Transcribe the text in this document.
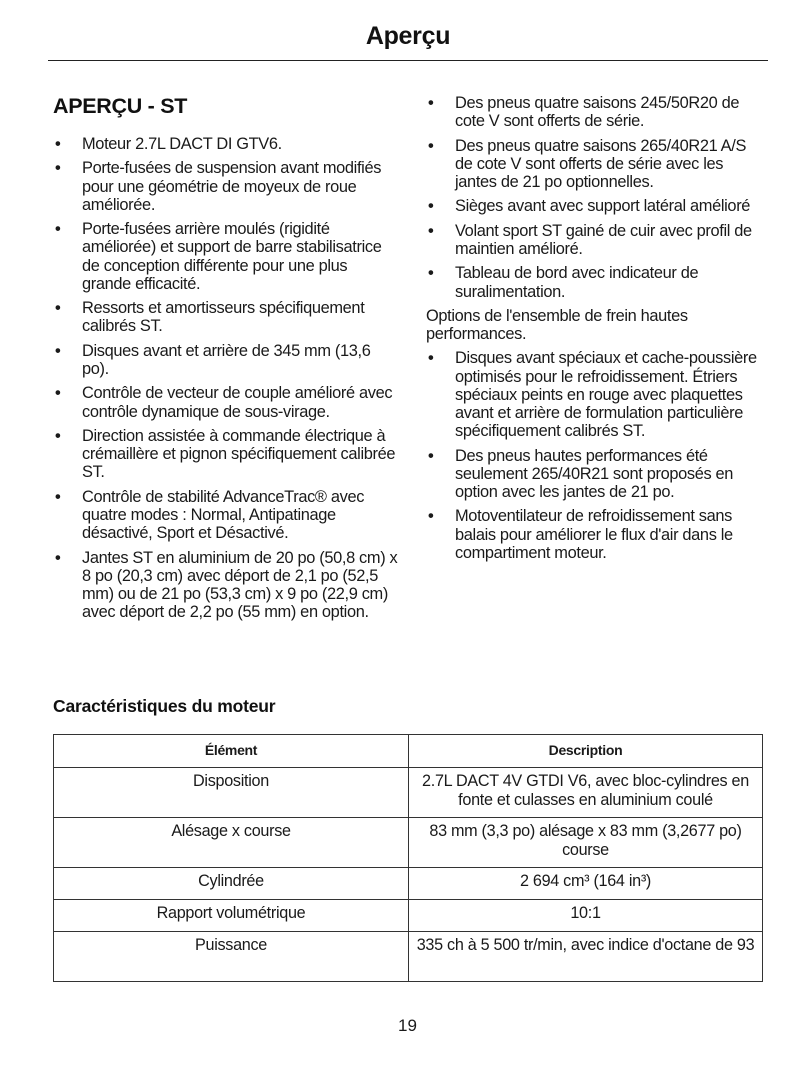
Aperçu
APERÇU - ST
• Moteur 2.7L DACT DI GTV6.
• Porte-fusées de suspension avant modifiés pour une géométrie de moyeux de roue améliorée.
• Porte-fusées arrière moulés (rigidité améliorée) et support de barre stabilisatrice de conception différente pour une plus grande efficacité.
• Ressorts et amortisseurs spécifiquement calibrés ST.
• Disques avant et arrière de 345 mm (13,6 po).
• Contrôle de vecteur de couple amélioré avec contrôle dynamique de sous-virage.
• Direction assistée à commande électrique à crémaillère et pignon spécifiquement calibrée ST.
• Contrôle de stabilité AdvanceTrac® avec quatre modes : Normal, Antipatinage désactivé, Sport et Désactivé.
• Jantes ST en aluminium de 20 po (50,8 cm) x 8 po (20,3 cm) avec déport de 2,1 po (52,5 mm) ou de 21 po (53,3 cm) x 9 po (22,9 cm) avec déport de 2,2 po (55 mm) en option.
• Des pneus quatre saisons 245/50R20 de cote V sont offerts de série.
• Des pneus quatre saisons 265/40R21 A/S de cote V sont offerts de série avec les jantes de 21 po optionnelles.
• Sièges avant avec support latéral amélioré
• Volant sport ST gainé de cuir avec profil de maintien amélioré.
• Tableau de bord avec indicateur de suralimentation.

Options de l'ensemble de frein hautes performances.

• Disques avant spéciaux et cache-poussière optimisés pour le refroidissement. Étriers spéciaux peints en rouge avec plaquettes avant et arrière de formulation particulière spécifiquement calibrés ST.
• Des pneus hautes performances été seulement 265/40R21 sont proposés en option avec les jantes de 21 po.
• Motoventilateur de refroidissement sans balais pour améliorer le flux d'air dans le compartiment moteur.
Caractéristiques du moteur
Élément	Description
Disposition	2.7L DACT 4V GTDI V6, avec bloc-cylindres en fonte et culasses en aluminium coulé
Alésage x course	83 mm (3,3 po) alésage x 83 mm (3,2677 po) course
Cylindrée	2 694 cm³ (164 in³)
Rapport volumétrique	10:1
Puissance	335 ch à 5 500 tr/min, avec indice d'octane de 93
19
